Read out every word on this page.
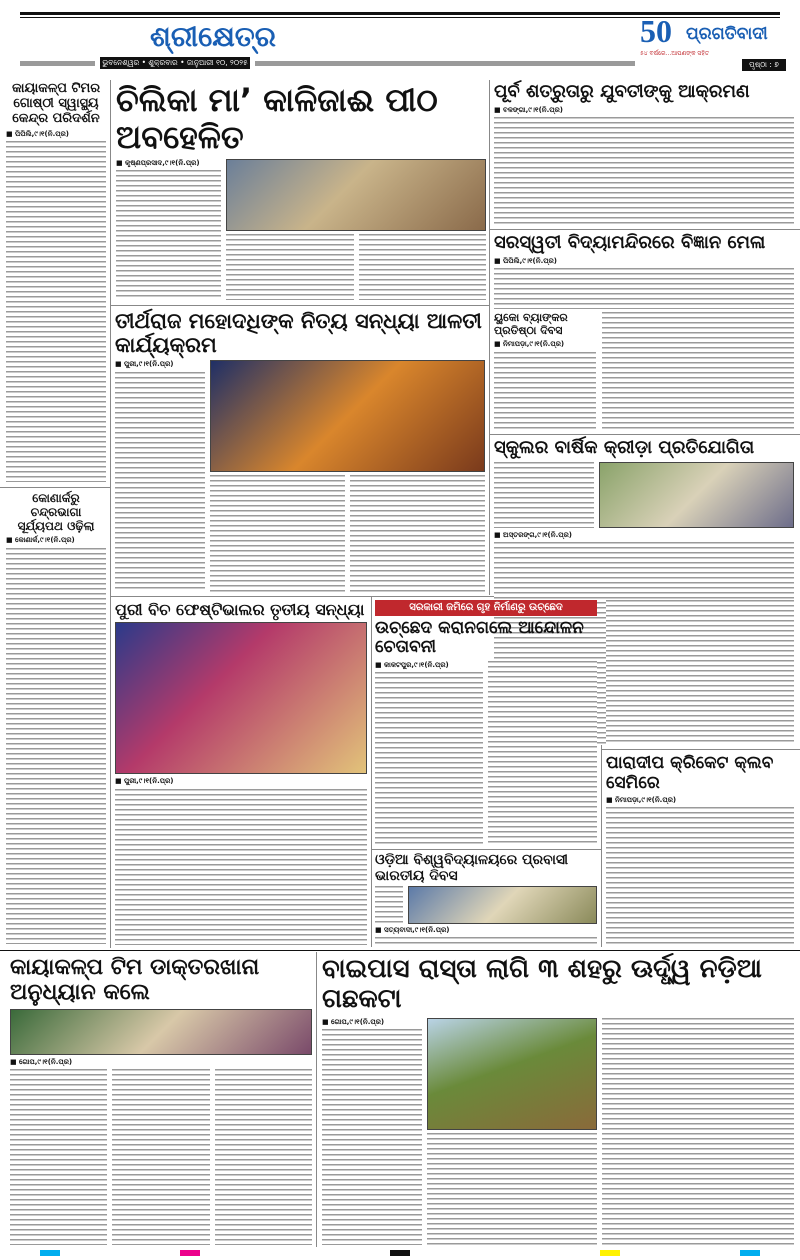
ଶ୍ରୀକ୍ଷେତ୍ର
ଭୁବନେଶ୍ୱର • ଶୁକ୍ରବାର • ଜାନୁଆରୀ ୧୦, ୨୦୨୫
50 ପ୍ରଗତିବାଦୀ
୫୪ ବର୍ଷରେ...ଆପଣଙ୍କ ସହିତ
ପୃଷ୍ଠା : ୭
କାୟାକଳ୍ପ ଟିମର ଗୋଷ୍ଠୀ ସ୍ୱାସ୍ଥ୍ୟ କେନ୍ଦ୍ର ପରିଦର୍ଶନ
■ ପିପିଲି,୯।୧(ନି.ପ୍ର)
ଚିଲିକା ମା’ କାଳିଜାଈ ପୀଠ ଅବହେଳିତ
■ କୃଷ୍ଣପ୍ରସାଦ,୯।୧(ନି.ପ୍ର)
ପୂର୍ବ ଶତ୍ରୁତାରୁ ଯୁବତୀଙ୍କୁ ଆକ୍ରମଣ
■ ବଳଙ୍ଗା,୯।୧(ନି.ପ୍ର)
ସରସ୍ୱତୀ ବିଦ୍ୟାମନ୍ଦିରରେ ବିଜ୍ଞାନ ମେଳା
■ ପିପିଲି,୯।୧(ନି.ପ୍ର)
ୟୁକୋ ବ୍ୟାଙ୍କର ପ୍ରତିଷ୍ଠା ଦିବସ
■ ନିମାପଡ଼ା,୯।୧(ନି.ପ୍ର)
ତୀର୍ଥରାଜ ମହୋଦଧିଙ୍କ ନିତ୍ୟ ସନ୍ଧ୍ୟା ଆଳତୀ କାର୍ଯ୍ୟକ୍ରମ
■ ପୁରୀ,୯।୧(ନି.ପ୍ର)
ସ୍କୁଲର ବାର୍ଷିକ କ୍ରୀଡ଼ା ପ୍ରତିଯୋଗିତା
■ ଅସ୍ତରଙ୍ଗ,୯।୧(ନି.ପ୍ର)
କୋଣାର୍କରୁ ଚନ୍ଦ୍ରଭାଗା ସୂର୍ଯ୍ୟପଥ ଓଢ଼ିଲା
■ କୋଣାର୍କ,୯।୧(ନି.ପ୍ର)
ପୁରୀ ବିଚ ଫେଷ୍ଟିଭାଲର ତୃତୀୟ ସନ୍ଧ୍ୟା
■ ପୁରୀ,୯।୧(ନି.ପ୍ର)
ସରକାରୀ ଜମିରେ ଗୃହ ନିର୍ମାଣରୁ ଉଚ୍ଛେଦ
ଉଚ୍ଛେଦ କରାନଗଲେ ଆନ୍ଦୋଳନ ଚେତାବନୀ
■ କାକଟପୁର,୯।୧(ନି.ପ୍ର)
ପାରାଦୀପ କ୍ରିକେଟ କ୍ଲବ ସେମିରେ
■ ନିମାପଡ଼ା,୯।୧(ନି.ପ୍ର)
ଓଡ଼ିଆ ବିଶ୍ୱବିଦ୍ୟାଳୟରେ ପ୍ରବାସୀ ଭାରତୀୟ ଦିବସ
■ ସତ୍ୟବାଦୀ,୯।୧(ନି.ପ୍ର)
କାୟାକଳ୍ପ ଟିମ ଡାକ୍ତରଖାନା ଅନୁଧ୍ୟାନ କଲେ
■ ଗୋପ,୯।୧(ନି.ପ୍ର)
ବାଇପାସ ରାସ୍ତା ଲାଗି ୩ ଶହରୁ ଊର୍ଦ୍ଧ୍ୱ ନଡ଼ିଆ ଗଛକଟା
■ ଗୋପ,୯।୧(ନି.ପ୍ର)
